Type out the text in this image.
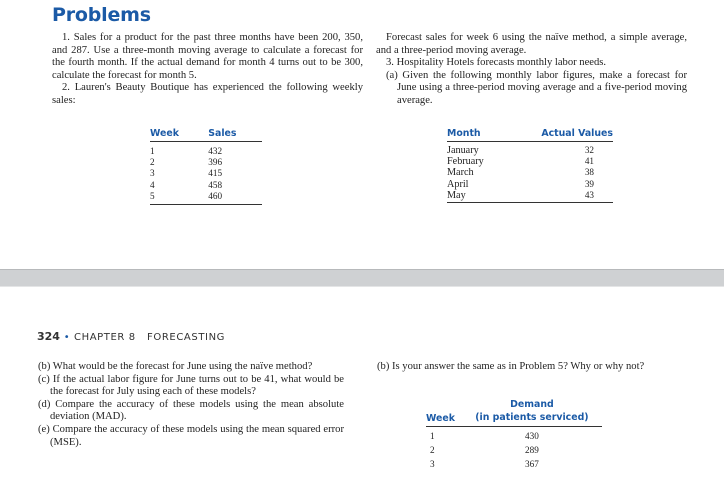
Problems

1. Sales for a product for the past three months have been 200, 350, and 287. Use a three-month moving average to calculate a forecast for the fourth month. If the actual demand for month 4 turns out to be 300, calculate the forecast for month 5.

2. Lauren's Beauty Boutique has experienced the following weekly sales:

Forecast sales for week 6 using the naïve method, a simple average, and a three-period moving average.

3. Hospitality Hotels forecasts monthly labor needs.

(a) Given the following monthly labor figures, make a forecast for June using a three-period moving average and a five-period moving average.

Week	Sales
1	432
2	396
3	415
4	458
5	460
Month	Actual Values
January	32
February	41
March	38
April	39
May	43
324 • CHAPTER 8   FORECASTING

(b) What would be the forecast for June using the naïve method?

(c) If the actual labor figure for June turns out to be 41, what would be the forecast for July using each of these models?

(d) Compare the accuracy of these models using the mean absolute deviation (MAD).

(e) Compare the accuracy of these models using the mean squared error (MSE).

(b) Is your answer the same as in Problem 5? Why or why not?

Week	Demand
(in patients serviced)
1	430
2	289
3	367
